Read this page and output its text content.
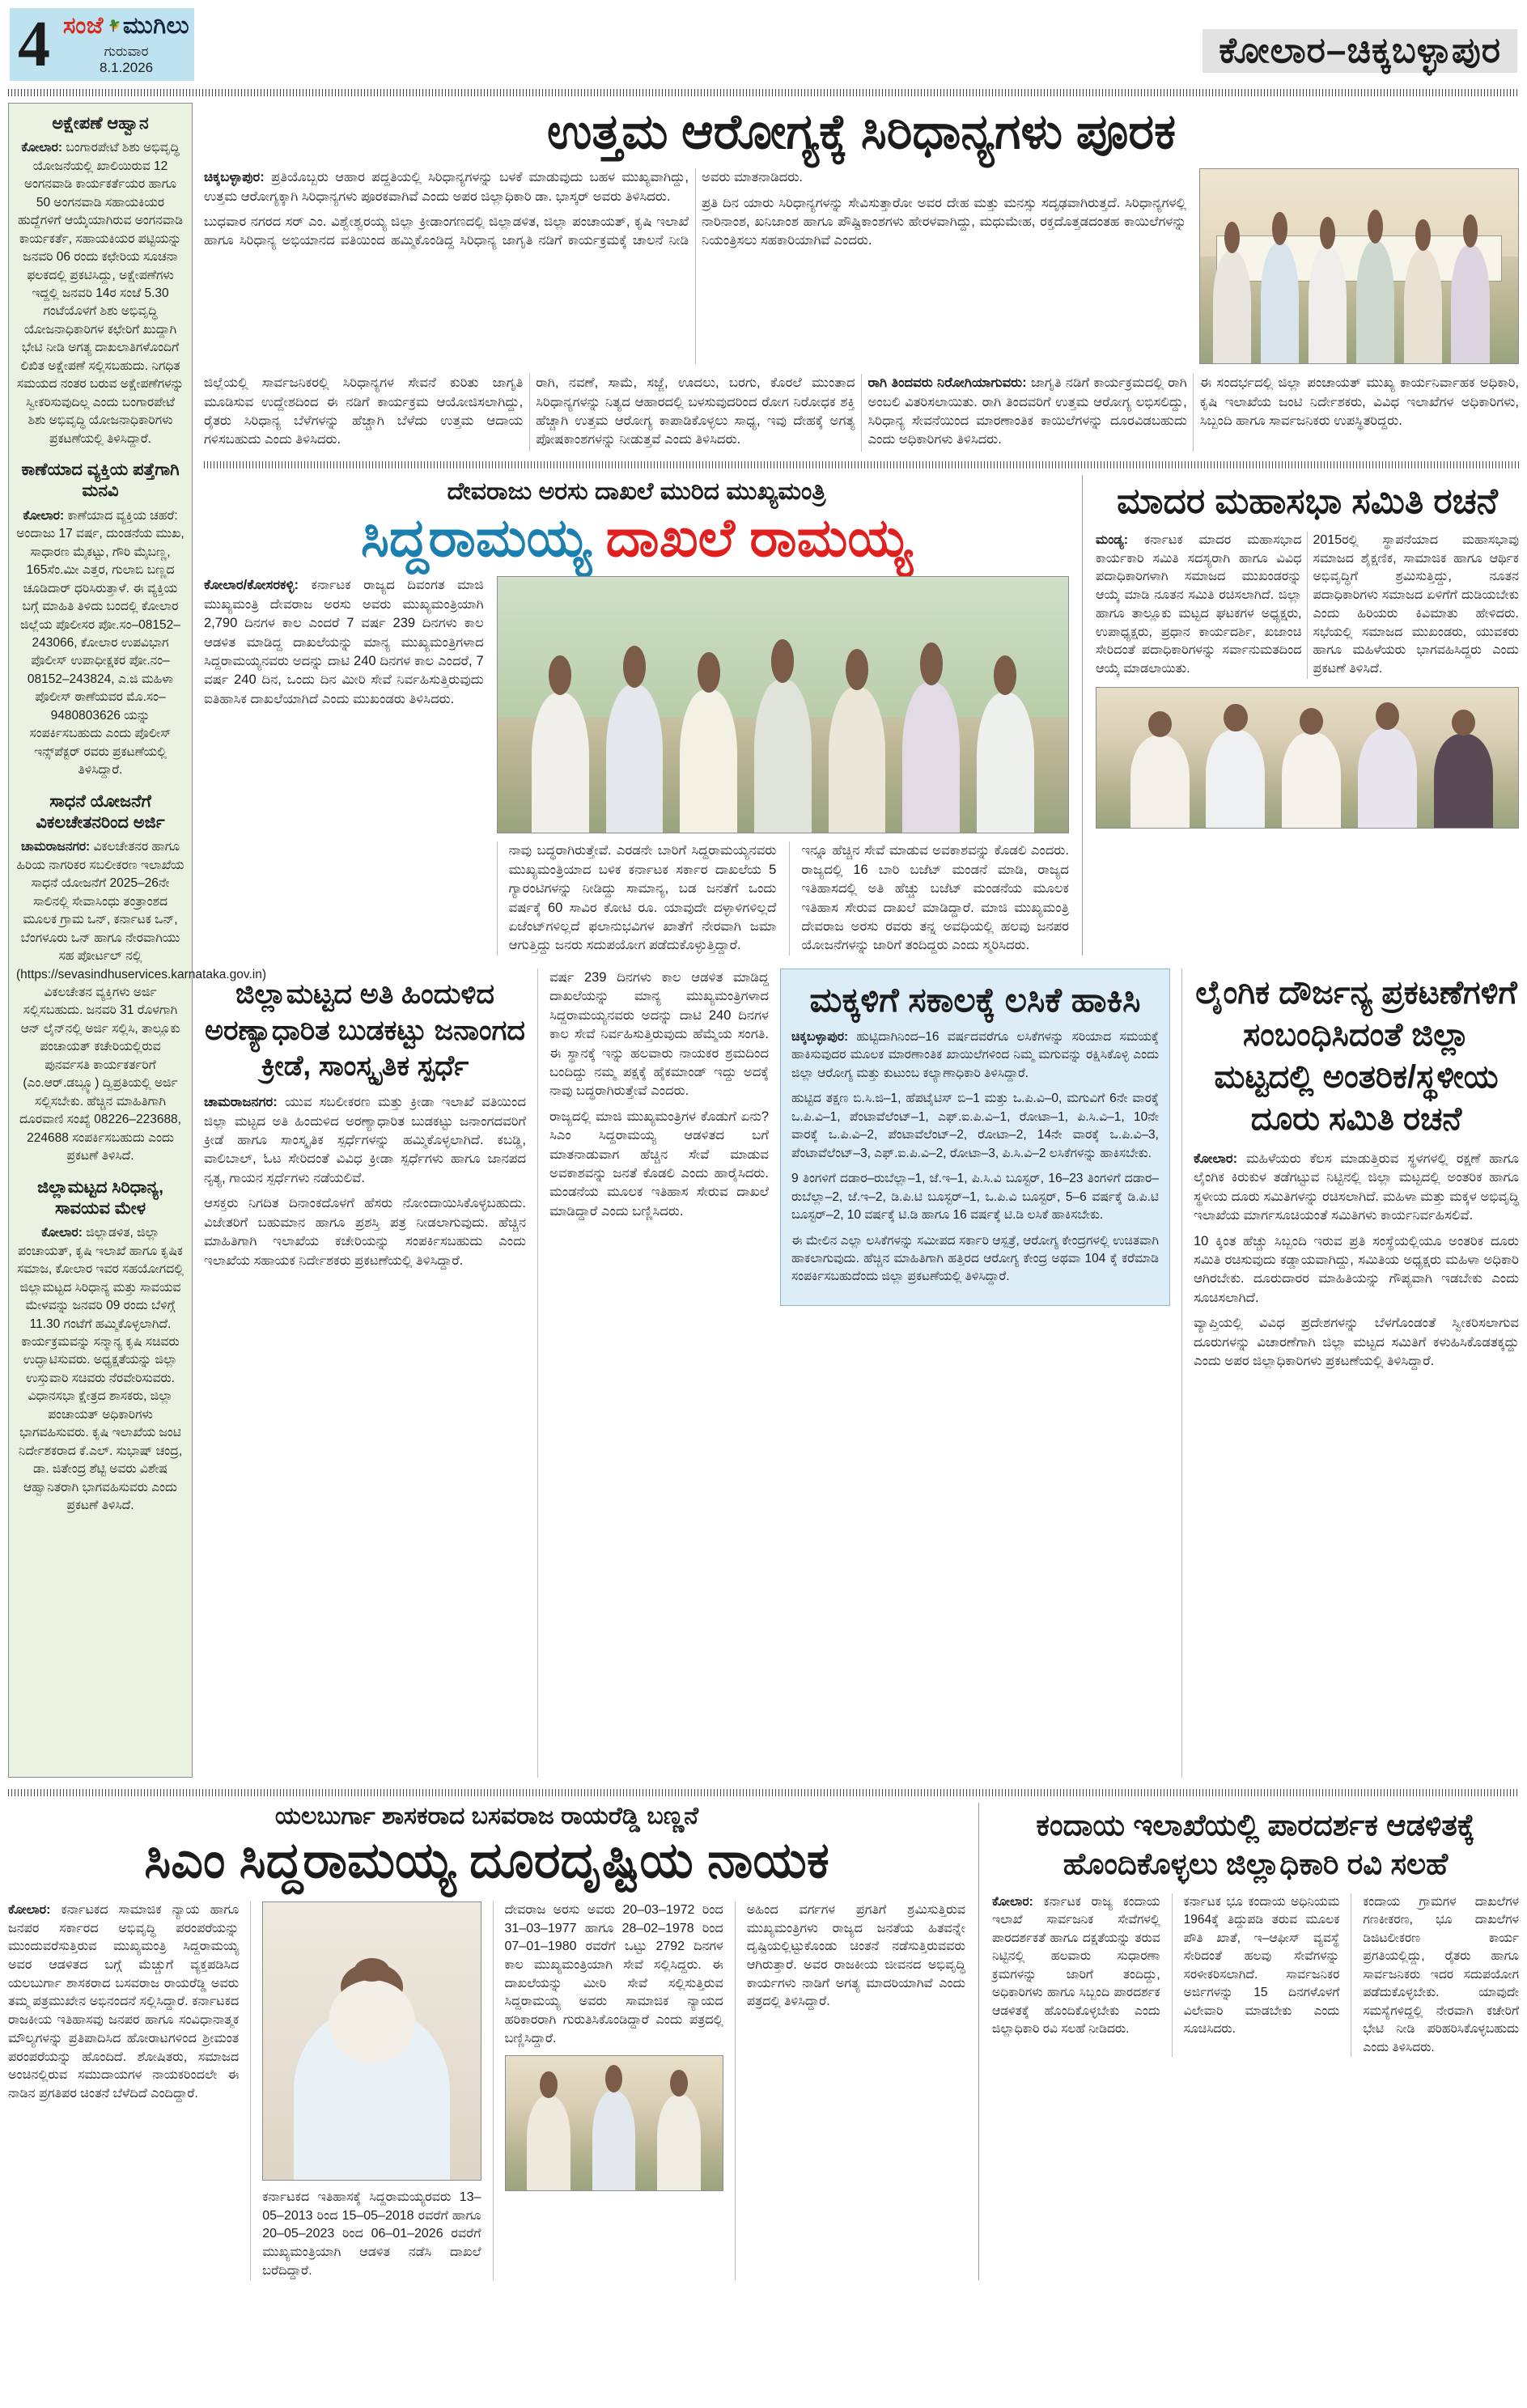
4 ಸಂಜೆ ಮುಗಿಲು
ಗುರುವಾರ
8.1.2026	ಕೋಲಾರ–ಚಿಕ್ಕಬಳ್ಳಾಪುರ
ಅಕ್ಷೇಪಣೆ ಆಹ್ವಾನ
ಕೋಲಾರ: ಬಂಗಾರಪೇಟೆ ಶಿಶು ಅಭಿವೃದ್ಧಿ ಯೋಜನೆಯಲ್ಲಿ ಖಾಲಿಯಿರುವ 12 ಅಂಗನವಾಡಿ ಕಾರ್ಯಕರ್ತೆಯರ ಹಾಗೂ 50 ಅಂಗನವಾಡಿ ಸಹಾಯಕಿಯರ ಹುದ್ದೆಗಳಿಗೆ ಆಯ್ಕೆಯಾಗಿರುವ ಅಂಗನವಾಡಿ ಕಾರ್ಯಕರ್ತೆ, ಸಹಾಯಕಿಯರ ಪಟ್ಟಿಯನ್ನು ಜನವರಿ 06 ರಂದು ಕಛೇರಿಯ ಸೂಚನಾ ಫಲಕದಲ್ಲಿ ಪ್ರಕಟಿಸಿದ್ದು, ಅಕ್ಷೇಪಣೆಗಳು ಇದ್ದಲ್ಲಿ ಜನವರಿ 14ರ ಸಂಜೆ 5.30 ಗಂಟೆಯೊಳಗೆ ಶಿಶು ಅಭಿವೃದ್ಧಿ ಯೋಜನಾಧಿಕಾರಿಗಳ ಕಛೇರಿಗೆ ಖುದ್ದಾಗಿ ಭೇಟಿ ನೀಡಿ ಅಗತ್ಯ ದಾಖಲಾತಿಗಳೊಂದಿಗೆ ಲಿಖಿತ ಅಕ್ಷೇಪಣೆ ಸಲ್ಲಿಸಬಹುದು. ನಿಗಧಿತ ಸಮಯದ ನಂತರ ಬರುವ ಅಕ್ಷೇಪಣೆಗಳನ್ನು ಸ್ವೀಕರಿಸುವುದಿಲ್ಲ ಎಂದು ಬಂಗಾರಪೇಟೆ ಶಿಶು ಅಭಿವೃದ್ಧಿ ಯೋಜನಾಧಿಕಾರಿಗಳು ಪ್ರಕಟಣೆಯಲ್ಲಿ ತಿಳಿಸಿದ್ದಾರೆ.
ಕಾಣೆಯಾದ ವ್ಯಕ್ತಿಯ ಪತ್ತೆಗಾಗಿ ಮನವಿ
ಕೋಲಾರ: ಕಾಣೆಯಾದ ವ್ಯಕ್ತಿಯ ಚಹರೆ: ಅಂದಾಜು 17 ವರ್ಷ, ದುಂಡನೆಯ ಮುಖ, ಸಾಧಾರಣ ಮೈಕಟ್ಟು, ಗೌರಿ ಮೈಬಣ್ಣ, 165ಸೆಂ.ಮೀ ಎತ್ತರ, ಗುಲಾಬಿ ಬಣ್ಣದ ಚೂಡಿದಾರ್ ಧರಿಸಿರುತ್ತಾಳೆ. ಈ ವ್ಯಕ್ತಿಯ ಬಗ್ಗೆ ಮಾಹಿತಿ ತಿಳಿದು ಬಂದಲ್ಲಿ ಕೋಲಾರ ಜಿಲ್ಲೆಯ ಪೊಲೀಸರ ಪೋ.ಸಂ–08152–243066, ಕೋಲಾರ ಉಪವಿಭಾಗ ಪೊಲೀಸ್ ಉಪಾಧೀಕ್ಷಕರ ಪೋ.ನಂ–08152–243824, ಎ.ಜಿ ಮಹಿಳಾ ಪೊಲೀಸ್ ಠಾಣೆಯವರ ಮೊ.ಸಂ–9480803626 ಯನ್ನು ಸಂಪರ್ಕಿಸಬಹುದು ಎಂದು ಪೊಲೀಸ್ ಇನ್ಸ್‌ಪೆಕ್ಟರ್ ರವರು ಪ್ರಕಟಣೆಯಲ್ಲಿ ತಿಳಿಸಿದ್ದಾರೆ.
ಸಾಧನೆ ಯೋಜನೆಗೆ ವಿಕಲಚೇತನರಿಂದ ಅರ್ಜಿ
ಚಾಮರಾಜನಗರ: ವಿಕಲಚೇತನರ ಹಾಗೂ ಹಿರಿಯ ನಾಗರಿಕರ ಸಬಲೀಕರಣ ಇಲಾಖೆಯ ಸಾಧನೆ ಯೋಜನೆಗೆ 2025–26ನೇ ಸಾಲಿನಲ್ಲಿ ಸೇವಾಸಿಂಧು ತಂತ್ರಾಂಶದ ಮೂಲಕ ಗ್ರಾಮ ಒನ್, ಕರ್ನಾಟಕ ಒನ್, ಬೆಂಗಳೂರು ಒನ್ ಹಾಗೂ ನೇರವಾಗಿಯು ಸಹ ಪೋರ್ಟಲ್ ನಲ್ಲಿ (https://sevasindhuservices.karnataka.gov.in) ವಿಕಲಚೇತನ ವ್ಯಕ್ತಿಗಳು ಅರ್ಜಿ ಸಲ್ಲಿಸಬಹುದು. ಜನವರಿ 31 ರೊಳಗಾಗಿ ಆನ್ ಲೈನ್‌ನಲ್ಲಿ ಅರ್ಜಿ ಸಲ್ಲಿಸಿ, ತಾಲ್ಲೂಕು ಪಂಚಾಯತ್ ಕಚೇರಿಯಲ್ಲಿರುವ ಪುನರ್ವಸತಿ ಕಾರ್ಯಕರ್ತರಿಗೆ (ಎಂ.ಆರ್.ಡಬ್ಲ್ಯೂ) ದ್ವಿಪ್ರತಿಯಲ್ಲಿ ಅರ್ಜಿ ಸಲ್ಲಿಸಬೇಕು. ಹೆಚ್ಚಿನ ಮಾಹಿತಿಗಾಗಿ ದೂರವಾಣಿ ಸಂಖ್ಯೆ 08226–223688, 224688 ಸಂಪರ್ಕಿಸಬಹುದು ಎಂದು ಪ್ರಕಟಣೆ ತಿಳಿಸಿದೆ.
ಜಿಲ್ಲಾಮಟ್ಟದ ಸಿರಿಧಾನ್ಯ, ಸಾವಯವ ಮೇಳ
ಕೋಲಾರ: ಜಿಲ್ಲಾಡಳಿತ, ಜಿಲ್ಲಾ ಪಂಚಾಯತ್, ಕೃಷಿ ಇಲಾಖೆ ಹಾಗೂ ಕೃಷಿಕ ಸಮಾಜ, ಕೋಲಾರ ಇವರ ಸಹಯೋಗದಲ್ಲಿ ಜಿಲ್ಲಾಮಟ್ಟದ ಸಿರಿಧಾನ್ಯ ಮತ್ತು ಸಾವಯವ ಮೇಳವನ್ನು ಜನವರಿ 09 ರಂದು ಬೆಳಿಗ್ಗೆ 11.30 ಗಂಟೆಗೆ ಹಮ್ಮಿಕೊಳ್ಳಲಾಗಿದೆ. ಕಾರ್ಯಕ್ರಮವನ್ನು ಸನ್ಮಾನ್ಯ ಕೃಷಿ ಸಚಿವರು ಉದ್ಘಾಟಿಸುವರು. ಅಧ್ಯಕ್ಷತೆಯನ್ನು ಜಿಲ್ಲಾ ಉಸ್ತುವಾರಿ ಸಚಿವರು ನೆರವೇರಿಸುವರು. ವಿಧಾನಸಭಾ ಕ್ಷೇತ್ರದ ಶಾಸಕರು, ಜಿಲ್ಲಾ ಪಂಚಾಯತ್ ಅಧಿಕಾರಿಗಳು ಭಾಗವಹಿಸುವರು. ಕೃಷಿ ಇಲಾಖೆಯ ಜಂಟಿ ನಿರ್ದೇಶಕರಾದ ಕೆ.ಎಲ್. ಸುಭಾಷ್ ಚಂದ್ರ, ಡಾ. ಜಿತೇಂದ್ರ ಶೆಟ್ಟಿ ಅವರು ವಿಶೇಷ ಆಹ್ವಾನಿತರಾಗಿ ಭಾಗವಹಿಸುವರು ಎಂದು ಪ್ರಕಟಣೆ ತಿಳಿಸಿದೆ.
ಉತ್ತಮ ಆರೋಗ್ಯಕ್ಕೆ ಸಿರಿಧಾನ್ಯಗಳು ಪೂರಕ

ಚಿಕ್ಕಬಳ್ಳಾಪುರ: ಪ್ರತಿಯೊಬ್ಬರು ಆಹಾರ ಪದ್ದತಿಯಲ್ಲಿ ಸಿರಿಧಾನ್ಯಗಳನ್ನು ಬಳಕೆ ಮಾಡುವುದು ಬಹಳ ಮುಖ್ಯವಾಗಿದ್ದು, ಉತ್ತಮ ಆರೋಗ್ಯಕ್ಕಾಗಿ ಸಿರಿಧಾನ್ಯಗಳು ಪೂರಕವಾಗಿವೆ ಎಂದು ಅಪರ ಜಿಲ್ಲಾಧಿಕಾರಿ ಡಾ. ಭಾಸ್ಕರ್ ಅವರು ತಿಳಿಸಿದರು.

ಬುಧವಾರ ನಗರದ ಸರ್ ಎಂ. ವಿಶ್ವೇಶ್ವರಯ್ಯ ಜಿಲ್ಲಾ ಕ್ರೀಡಾಂಗಣದಲ್ಲಿ ಜಿಲ್ಲಾಡಳಿತ, ಜಿಲ್ಲಾ ಪಂಚಾಯತ್, ಕೃಷಿ ಇಲಾಖೆ ಹಾಗೂ ಸಿರಿಧಾನ್ಯ ಅಭಿಯಾನದ ವತಿಯಿಂದ ಹಮ್ಮಿಕೊಂಡಿದ್ದ ಸಿರಿಧಾನ್ಯ ಜಾಗೃತಿ ನಡಿಗೆ ಕಾರ್ಯಕ್ರಮಕ್ಕೆ ಚಾಲನೆ ನೀಡಿ ಅವರು ಮಾತನಾಡಿದರು.

ಪ್ರತಿ ದಿನ ಯಾರು ಸಿರಿಧಾನ್ಯಗಳನ್ನು ಸೇವಿಸುತ್ತಾರೋ ಅವರ ದೇಹ ಮತ್ತು ಮನಸ್ಸು ಸದೃಢವಾಗಿರುತ್ತದೆ. ಸಿರಿಧಾನ್ಯಗಳಲ್ಲಿ ನಾರಿನಾಂಶ, ಖನಿಜಾಂಶ ಹಾಗೂ ಪೌಷ್ಟಿಕಾಂಶಗಳು ಹೇರಳವಾಗಿದ್ದು, ಮಧುಮೇಹ, ರಕ್ತದೊತ್ತಡದಂತಹ ಕಾಯಿಲೆಗಳನ್ನು ನಿಯಂತ್ರಿಸಲು ಸಹಕಾರಿಯಾಗಿವೆ ಎಂದರು.

ಜಿಲ್ಲೆಯಲ್ಲಿ ಸಾರ್ವಜನಿಕರಲ್ಲಿ ಸಿರಿಧಾನ್ಯಗಳ ಸೇವನೆ ಕುರಿತು ಜಾಗೃತಿ ಮೂಡಿಸುವ ಉದ್ದೇಶದಿಂದ ಈ ನಡಿಗೆ ಕಾರ್ಯಕ್ರಮ ಆಯೋಜಿಸಲಾಗಿದ್ದು, ರೈತರು ಸಿರಿಧಾನ್ಯ ಬೆಳೆಗಳನ್ನು ಹೆಚ್ಚಾಗಿ ಬೆಳೆದು ಉತ್ತಮ ಆದಾಯ ಗಳಿಸಬಹುದು ಎಂದು ತಿಳಿಸಿದರು.

ರಾಗಿ, ನವಣೆ, ಸಾಮೆ, ಸಜ್ಜೆ, ಊದಲು, ಬರಗು, ಕೊರಲೆ ಮುಂತಾದ ಸಿರಿಧಾನ್ಯಗಳನ್ನು ನಿತ್ಯದ ಆಹಾರದಲ್ಲಿ ಬಳಸುವುದರಿಂದ ರೋಗ ನಿರೋಧಕ ಶಕ್ತಿ ಹೆಚ್ಚಾಗಿ ಉತ್ತಮ ಆರೋಗ್ಯ ಕಾಪಾಡಿಕೊಳ್ಳಲು ಸಾಧ್ಯ, ಇವು ದೇಹಕ್ಕೆ ಅಗತ್ಯ ಪೋಷಕಾಂಶಗಳನ್ನು ನೀಡುತ್ತವೆ ಎಂದು ತಿಳಿಸಿದರು.

ರಾಗಿ ತಿಂದವರು ನಿರೋಗಿಯಾಗುವರು: ಜಾಗೃತಿ ನಡಿಗೆ ಕಾರ್ಯಕ್ರಮದಲ್ಲಿ ರಾಗಿ ಅಂಬಲಿ ವಿತರಿಸಲಾಯಿತು. ರಾಗಿ ತಿಂದವರಿಗೆ ಉತ್ತಮ ಆರೋಗ್ಯ ಲಭಿಸಲಿದ್ದು, ಸಿರಿಧಾನ್ಯ ಸೇವನೆಯಿಂದ ಮಾರಣಾಂತಿಕ ಕಾಯಿಲೆಗಳನ್ನು ದೂರವಿಡಬಹುದು ಎಂದು ಅಧಿಕಾರಿಗಳು ತಿಳಿಸಿದರು.

ಈ ಸಂದರ್ಭದಲ್ಲಿ ಜಿಲ್ಲಾ ಪಂಚಾಯತ್ ಮುಖ್ಯ ಕಾರ್ಯನಿರ್ವಾಹಕ ಅಧಿಕಾರಿ, ಕೃಷಿ ಇಲಾಖೆಯ ಜಂಟಿ ನಿರ್ದೇಶಕರು, ವಿವಿಧ ಇಲಾಖೆಗಳ ಅಧಿಕಾರಿಗಳು, ಸಿಬ್ಬಂದಿ ಹಾಗೂ ಸಾರ್ವಜನಿಕರು ಉಪಸ್ಥಿತರಿದ್ದರು.

ದೇವರಾಜು ಅರಸು ದಾಖಲೆ ಮುರಿದ ಮುಖ್ಯಮಂತ್ರಿ
ಸಿದ್ದರಾಮಯ್ಯ ದಾಖಲೆ ರಾಮಯ್ಯ

ಕೋಲಾರ/ಕೋಸರಕಳ್ಳಿ: ಕರ್ನಾಟಕ ರಾಜ್ಯದ ದಿವಂಗತ ಮಾಜಿ ಮುಖ್ಯಮಂತ್ರಿ ದೇವರಾಜ ಅರಸು ಅವರು ಮುಖ್ಯಮಂತ್ರಿಯಾಗಿ 2,790 ದಿನಗಳ ಕಾಲ ಎಂದರೆ 7 ವರ್ಷ 239 ದಿನಗಳು ಕಾಲ ಆಡಳಿತ ಮಾಡಿದ್ದ ದಾಖಲೆಯನ್ನು ಮಾನ್ಯ ಮುಖ್ಯಮಂತ್ರಿಗಳಾದ ಸಿದ್ದರಾಮಯ್ಯನವರು ಅದನ್ನು ದಾಟಿ 240 ದಿನಗಳ ಕಾಲ ಎಂದರೆ, 7 ವರ್ಷ 240 ದಿನ, ಒಂದು ದಿನ ಮೀರಿ ಸೇವೆ ನಿರ್ವಹಿಸುತ್ತಿರುವುದು ಐತಿಹಾಸಿಕ ದಾಖಲೆಯಾಗಿದೆ ಎಂದು ಮುಖಂಡರು ತಿಳಿಸಿದರು.

ನಾವು ಬದ್ಧರಾಗಿರುತ್ತೇವೆ. ಎರಡನೇ ಬಾರಿಗೆ ಸಿದ್ದರಾಮಯ್ಯನವರು ಮುಖ್ಯಮಂತ್ರಿಯಾದ ಬಳಿಕ ಕರ್ನಾಟಕ ಸರ್ಕಾರ ದಾಖಲೆಯ 5 ಗ್ಯಾರಂಟಿಗಳನ್ನು ನೀಡಿದ್ದು ಸಾಮಾನ್ಯ, ಬಡ ಜನತೆಗೆ ಒಂದು ವರ್ಷಕ್ಕೆ 60 ಸಾವಿರ ಕೋಟಿ ರೂ. ಯಾವುದೇ ದಳ್ಳಾಳಿಗಳಿಲ್ಲದೆ ಏಜೆಂಟ್‌ಗಳಿಲ್ಲದೆ ಫಲಾನುಭವಿಗಳ ಖಾತೆಗೆ ನೇರವಾಗಿ ಜಮಾ ಆಗುತ್ತಿದ್ದು ಜನರು ಸದುಪಯೋಗ ಪಡೆದುಕೊಳ್ಳುತ್ತಿದ್ದಾರೆ.

ಇನ್ನೂ ಹೆಚ್ಚಿನ ಸೇವೆ ಮಾಡುವ ಅವಕಾಶವನ್ನು ಕೊಡಲಿ ಎಂದರು. ರಾಜ್ಯದಲ್ಲಿ 16 ಬಾರಿ ಬಜೆಟ್ ಮಂಡನೆ ಮಾಡಿ, ರಾಜ್ಯದ ಇತಿಹಾಸದಲ್ಲಿ ಅತಿ ಹೆಚ್ಚು ಬಜೆಟ್ ಮಂಡನೆಯ ಮೂಲಕ ಇತಿಹಾಸ ಸೇರುವ ದಾಖಲೆ ಮಾಡಿದ್ದಾರೆ. ಮಾಜಿ ಮುಖ್ಯಮಂತ್ರಿ ದೇವರಾಜ ಅರಸು ರವರು ತನ್ನ ಅವಧಿಯಲ್ಲಿ ಹಲವು ಜನಪರ ಯೋಜನೆಗಳನ್ನು ಜಾರಿಗೆ ತಂದಿದ್ದರು ಎಂದು ಸ್ಮರಿಸಿದರು.

ಮಾದರ ಮಹಾಸಭಾ ಸಮಿತಿ ರಚನೆ

ಮಂಡ್ಯ: ಕರ್ನಾಟಕ ಮಾದರ ಮಹಾಸಭಾದ ಕಾರ್ಯಕಾರಿ ಸಮಿತಿ ಸದಸ್ಯರಾಗಿ ಹಾಗೂ ವಿವಿಧ ಪದಾಧಿಕಾರಿಗಳಾಗಿ ಸಮಾಜದ ಮುಖಂಡರನ್ನು ಆಯ್ಕೆ ಮಾಡಿ ನೂತನ ಸಮಿತಿ ರಚಿಸಲಾಗಿದೆ. ಜಿಲ್ಲಾ ಹಾಗೂ ತಾಲ್ಲೂಕು ಮಟ್ಟದ ಘಟಕಗಳ ಅಧ್ಯಕ್ಷರು, ಉಪಾಧ್ಯಕ್ಷರು, ಪ್ರಧಾನ ಕಾರ್ಯದರ್ಶಿ, ಖಜಾಂಚಿ ಸೇರಿದಂತೆ ಪದಾಧಿಕಾರಿಗಳನ್ನು ಸರ್ವಾನುಮತದಿಂದ ಆಯ್ಕೆ ಮಾಡಲಾಯಿತು.

2015ರಲ್ಲಿ ಸ್ಥಾಪನೆಯಾದ ಮಹಾಸಭಾವು ಸಮಾಜದ ಶೈಕ್ಷಣಿಕ, ಸಾಮಾಜಿಕ ಹಾಗೂ ಆರ್ಥಿಕ ಅಭಿವೃದ್ಧಿಗೆ ಶ್ರಮಿಸುತ್ತಿದ್ದು, ನೂತನ ಪದಾಧಿಕಾರಿಗಳು ಸಮಾಜದ ಏಳಿಗೆಗೆ ದುಡಿಯಬೇಕು ಎಂದು ಹಿರಿಯರು ಕಿವಿಮಾತು ಹೇಳಿದರು. ಸಭೆಯಲ್ಲಿ ಸಮಾಜದ ಮುಖಂಡರು, ಯುವಕರು ಹಾಗೂ ಮಹಿಳೆಯರು ಭಾಗವಹಿಸಿದ್ದರು ಎಂದು ಪ್ರಕಟಣೆ ತಿಳಿಸಿದೆ.

ಜಿಲ್ಲಾಮಟ್ಟದ ಅತಿ ಹಿಂದುಳಿದ ಅರಣ್ಯಾಧಾರಿತ ಬುಡಕಟ್ಟು ಜನಾಂಗದ ಕ್ರೀಡೆ, ಸಾಂಸ್ಕೃತಿಕ ಸ್ಪರ್ಧೆ

ಚಾಮರಾಜನಗರ: ಯುವ ಸಬಲೀಕರಣ ಮತ್ತು ಕ್ರೀಡಾ ಇಲಾಖೆ ವತಿಯಿಂದ ಜಿಲ್ಲಾ ಮಟ್ಟದ ಅತಿ ಹಿಂದುಳಿದ ಅರಣ್ಯಾಧಾರಿತ ಬುಡಕಟ್ಟು ಜನಾಂಗದವರಿಗೆ ಕ್ರೀಡೆ ಹಾಗೂ ಸಾಂಸ್ಕೃತಿಕ ಸ್ಪರ್ಧೆಗಳನ್ನು ಹಮ್ಮಿಕೊಳ್ಳಲಾಗಿದೆ. ಕಬಡ್ಡಿ, ವಾಲಿಬಾಲ್, ಓಟ ಸೇರಿದಂತೆ ವಿವಿಧ ಕ್ರೀಡಾ ಸ್ಪರ್ಧೆಗಳು ಹಾಗೂ ಜಾನಪದ ನೃತ್ಯ, ಗಾಯನ ಸ್ಪರ್ಧೆಗಳು ನಡೆಯಲಿವೆ.

ಆಸಕ್ತರು ನಿಗದಿತ ದಿನಾಂಕದೊಳಗೆ ಹೆಸರು ನೋಂದಾಯಿಸಿಕೊಳ್ಳಬಹುದು. ವಿಜೇತರಿಗೆ ಬಹುಮಾನ ಹಾಗೂ ಪ್ರಶಸ್ತಿ ಪತ್ರ ನೀಡಲಾಗುವುದು. ಹೆಚ್ಚಿನ ಮಾಹಿತಿಗಾಗಿ ಇಲಾಖೆಯ ಕಚೇರಿಯನ್ನು ಸಂಪರ್ಕಿಸಬಹುದು ಎಂದು ಇಲಾಖೆಯ ಸಹಾಯಕ ನಿರ್ದೇಶಕರು ಪ್ರಕಟಣೆಯಲ್ಲಿ ತಿಳಿಸಿದ್ದಾರೆ.

ವರ್ಷ 239 ದಿನಗಳು ಕಾಲ ಆಡಳಿತ ಮಾಡಿದ್ದ ದಾಖಲೆಯನ್ನು ಮಾನ್ಯ ಮುಖ್ಯಮಂತ್ರಿಗಳಾದ ಸಿದ್ದರಾಮಯ್ಯನವರು ಅದನ್ನು ದಾಟಿ 240 ದಿನಗಳ ಕಾಲ ಸೇವೆ ನಿರ್ವಹಿಸುತ್ತಿರುವುದು ಹೆಮ್ಮೆಯ ಸಂಗತಿ. ಈ ಸ್ಥಾನಕ್ಕೆ ಇನ್ನು ಹಲವಾರು ನಾಯಕರ ಶ್ರಮದಿಂದ ಬಂದಿದ್ದು ನಮ್ಮ ಪಕ್ಷಕ್ಕೆ ಹೈಕಮಾಂಡ್ ಇದ್ದು ಅದಕ್ಕೆ ನಾವು ಬದ್ಧರಾಗಿರುತ್ತೇವೆ ಎಂದರು.

ರಾಜ್ಯದಲ್ಲಿ ಮಾಜಿ ಮುಖ್ಯಮಂತ್ರಿಗಳ ಕೊಡುಗೆ ಏನು? ಸಿಎಂ ಸಿದ್ದರಾಮಯ್ಯ ಆಡಳಿತದ ಬಗೆ ಮಾತನಾಡುವಾಗ ಹೆಚ್ಚಿನ ಸೇವೆ ಮಾಡುವ ಅವಕಾಶವನ್ನು ಜನತೆ ಕೊಡಲಿ ಎಂದು ಹಾರೈಸಿದರು. ಮಂಡನೆಯ ಮೂಲಕ ಇತಿಹಾಸ ಸೇರುವ ದಾಖಲೆ ಮಾಡಿದ್ದಾರೆ ಎಂದು ಬಣ್ಣಿಸಿದರು.

ಮಕ್ಕಳಿಗೆ ಸಕಾಲಕ್ಕೆ ಲಸಿಕೆ ಹಾಕಿಸಿ

ಚಿಕ್ಕಬಳ್ಳಾಪುರ: ಹುಟ್ಟಿದಾಗಿನಿಂದ–16 ವರ್ಷದವರೆಗೂ ಲಸಿಕೆಗಳನ್ನು ಸರಿಯಾದ ಸಮಯಕ್ಕೆ ಹಾಕಿಸುವುದರ ಮೂಲಕ ಮಾರಣಾಂತಿಕ ಖಾಯಿಲೆಗಳಿಂದ ನಿಮ್ಮ ಮಗುವನ್ನು ರಕ್ಷಿಸಿಕೊಳ್ಳಿ ಎಂದು ಜಿಲ್ಲಾ ಆರೋಗ್ಯ ಮತ್ತು ಕುಟುಂಬ ಕಲ್ಯಾಣಾಧಿಕಾರಿ ತಿಳಿಸಿದ್ದಾರೆ.

ಹುಟ್ಟಿದ ತಕ್ಷಣ ಬಿ.ಸಿ.ಜಿ–1, ಹೆಪಟೈಟಿಸ್ ಬಿ–1 ಮತ್ತು ಒ.ಪಿ.ವಿ–0, ಮಗುವಿಗೆ 6ನೇ ವಾರಕ್ಕೆ ಒ.ಪಿ.ವಿ–1, ಪೆಂಟಾವೆಲೆಂಟ್–1, ಎಫ್.ಐ.ಪಿ.ವಿ–1, ರೋಟಾ–1, ಪಿ.ಸಿ.ವಿ–1, 10ನೇ ವಾರಕ್ಕೆ ಒ.ಪಿ.ವಿ–2, ಪೆಂಟಾವೆಲೆಂಟ್–2, ರೋಟಾ–2, 14ನೇ ವಾರಕ್ಕೆ ಒ.ಪಿ.ವಿ–3, ಪೆಂಟಾವೆಲೆಂಟ್–3, ಎಫ್.ಐ.ಪಿ.ವಿ–2, ರೋಟಾ–3, ಪಿ.ಸಿ.ವಿ–2 ಲಸಿಕೆಗಳನ್ನು ಹಾಕಿಸಬೇಕು.

9 ತಿಂಗಳಿಗೆ ದಡಾರ–ರುಬೆಲ್ಲಾ–1, ಜೆ.ಇ–1, ಪಿ.ಸಿ.ವಿ ಬೂಸ್ಟರ್, 16–23 ತಿಂಗಳಿಗೆ ದಡಾರ–ರುಬೆಲ್ಲಾ–2, ಜೆ.ಇ–2, ಡಿ.ಪಿ.ಟಿ ಬೂಸ್ಟರ್–1, ಒ.ಪಿ.ವಿ ಬೂಸ್ಟರ್, 5–6 ವರ್ಷಕ್ಕೆ ಡಿ.ಪಿ.ಟಿ ಬೂಸ್ಟರ್–2, 10 ವರ್ಷಕ್ಕೆ ಟಿ.ಡಿ ಹಾಗೂ 16 ವರ್ಷಕ್ಕೆ ಟಿ.ಡಿ ಲಸಿಕೆ ಹಾಕಿಸಬೇಕು.

ಈ ಮೇಲಿನ ಎಲ್ಲಾ ಲಸಿಕೆಗಳನ್ನು ಸಮೀಪದ ಸರ್ಕಾರಿ ಆಸ್ಪತ್ರೆ, ಆರೋಗ್ಯ ಕೇಂದ್ರಗಳಲ್ಲಿ ಉಚಿತವಾಗಿ ಹಾಕಲಾಗುವುದು. ಹೆಚ್ಚಿನ ಮಾಹಿತಿಗಾಗಿ ಹತ್ತಿರದ ಆರೋಗ್ಯ ಕೇಂದ್ರ ಅಥವಾ 104 ಕ್ಕೆ ಕರೆಮಾಡಿ ಸಂಪರ್ಕಿಸಬಹುದೆಂದು ಜಿಲ್ಲಾ ಪ್ರಕಟಣೆಯಲ್ಲಿ ತಿಳಿಸಿದ್ದಾರೆ.

ಲೈಂಗಿಕ ದೌರ್ಜನ್ಯ ಪ್ರಕಟಣೆಗಳಿಗೆ ಸಂಬಂಧಿಸಿದಂತೆ ಜಿಲ್ಲಾ ಮಟ್ಟದಲ್ಲಿ ಅಂತರಿಕ/ಸ್ಥಳೀಯ ದೂರು ಸಮಿತಿ ರಚನೆ

ಕೋಲಾರ: ಮಹಿಳೆಯರು ಕೆಲಸ ಮಾಡುತ್ತಿರುವ ಸ್ಥಳಗಳಲ್ಲಿ ರಕ್ಷಣೆ ಹಾಗೂ ಲೈಂಗಿಕ ಕಿರುಕುಳ ತಡೆಗಟ್ಟುವ ನಿಟ್ಟಿನಲ್ಲಿ ಜಿಲ್ಲಾ ಮಟ್ಟದಲ್ಲಿ ಅಂತರಿಕ ಹಾಗೂ ಸ್ಥಳೀಯ ದೂರು ಸಮಿತಿಗಳನ್ನು ರಚಿಸಲಾಗಿದೆ. ಮಹಿಳಾ ಮತ್ತು ಮಕ್ಕಳ ಅಭಿವೃದ್ಧಿ ಇಲಾಖೆಯ ಮಾರ್ಗಸೂಚಿಯಂತೆ ಸಮಿತಿಗಳು ಕಾರ್ಯನಿರ್ವಹಿಸಲಿವೆ.

10 ಕ್ಕಿಂತ ಹೆಚ್ಚು ಸಿಬ್ಬಂದಿ ಇರುವ ಪ್ರತಿ ಸಂಸ್ಥೆಯಲ್ಲಿಯೂ ಅಂತರಿಕ ದೂರು ಸಮಿತಿ ರಚಿಸುವುದು ಕಡ್ಡಾಯವಾಗಿದ್ದು, ಸಮಿತಿಯ ಅಧ್ಯಕ್ಷರು ಮಹಿಳಾ ಅಧಿಕಾರಿ ಆಗಿರಬೇಕು. ದೂರುದಾರರ ಮಾಹಿತಿಯನ್ನು ಗೌಪ್ಯವಾಗಿ ಇಡಬೇಕು ಎಂದು ಸೂಚಿಸಲಾಗಿದೆ.

ವ್ಯಾಪ್ತಿಯಲ್ಲಿ ವಿವಿಧ ಪ್ರದೇಶಗಳನ್ನು ಬೆಳಗೊಂಡಂತೆ ಸ್ವೀಕರಿಸಲಾಗುವ ದೂರುಗಳನ್ನು ವಿಚಾರಣೆಗಾಗಿ ಜಿಲ್ಲಾ ಮಟ್ಟದ ಸಮಿತಿಗೆ ಕಳುಹಿಸಿಕೊಡತಕ್ಕದ್ದು ಎಂದು ಅಪರ ಜಿಲ್ಲಾಧಿಕಾರಿಗಳು ಪ್ರಕಟಣೆಯಲ್ಲಿ ತಿಳಿಸಿದ್ದಾರೆ.

ಯಲಬುರ್ಗಾ ಶಾಸಕರಾದ ಬಸವರಾಜ ರಾಯರೆಡ್ಡಿ ಬಣ್ಣನೆ
ಸಿಎಂ ಸಿದ್ದರಾಮಯ್ಯ ದೂರದೃಷ್ಟಿಯ ನಾಯಕ

ಕೋಲಾರ: ಕರ್ನಾಟಕದ ಸಾಮಾಜಿಕ ನ್ಯಾಯ ಹಾಗೂ ಜನಪರ ಸರ್ಕಾರದ ಅಭಿವೃದ್ಧಿ ಪರಂಪರೆಯನ್ನು ಮುಂದುವರೆಸುತ್ತಿರುವ ಮುಖ್ಯಮಂತ್ರಿ ಸಿದ್ದರಾಮಯ್ಯ ಅವರ ಆಡಳಿತದ ಬಗ್ಗೆ ಮೆಚ್ಚುಗೆ ವ್ಯಕ್ತಪಡಿಸಿದ ಯಲಬುರ್ಗಾ ಶಾಸಕರಾದ ಬಸವರಾಜ ರಾಯರೆಡ್ಡಿ ಅವರು ತಮ್ಮ ಪತ್ರಮುಖೇನ ಅಭಿನಂದನೆ ಸಲ್ಲಿಸಿದ್ದಾರೆ. ಕರ್ನಾಟಕದ ರಾಜಕೀಯ ಇತಿಹಾಸವು ಜನಪರ ಹಾಗೂ ಸಂವಿಧಾನಾತ್ಮಕ ಮೌಲ್ಯಗಳನ್ನು ಪ್ರತಿಪಾದಿಸಿದ ಹೋರಾಟಗಳಿಂದ ಶ್ರೀಮಂತ ಪರಂಪರೆಯನ್ನು ಹೊಂದಿದೆ. ಶೋಷಿತರು, ಸಮಾಜದ ಅಂಚಿನಲ್ಲಿರುವ ಸಮುದಾಯಗಳ ನಾಯಕರಿಂದಲೇ ಈ ನಾಡಿನ ಪ್ರಗತಿಪರ ಚಿಂತನೆ ಬೆಳೆದಿದೆ ಎಂದಿದ್ದಾರೆ.

ಕರ್ನಾಟಕದ ಇತಿಹಾಸಕ್ಕೆ ಸಿದ್ದರಾಮಯ್ಯರವರು 13–05–2013 ರಿಂದ 15–05–2018 ರವರೆಗೆ ಹಾಗೂ 20–05–2023 ರಿಂದ 06–01–2026 ರವರೆಗೆ ಮುಖ್ಯಮಂತ್ರಿಯಾಗಿ ಆಡಳಿತ ನಡೆಸಿ ದಾಖಲೆ ಬರೆದಿದ್ದಾರೆ.

ದೇವರಾಜ ಅರಸು ಅವರು 20–03–1972 ರಿಂದ 31–03–1977 ಹಾಗೂ 28–02–1978 ರಿಂದ 07–01–1980 ರವರೆಗೆ ಒಟ್ಟು 2792 ದಿನಗಳ ಕಾಲ ಮುಖ್ಯಮಂತ್ರಿಯಾಗಿ ಸೇವೆ ಸಲ್ಲಿಸಿದ್ದರು. ಈ ದಾಖಲೆಯನ್ನು ಮೀರಿ ಸೇವೆ ಸಲ್ಲಿಸುತ್ತಿರುವ ಸಿದ್ದರಾಮಯ್ಯ ಅವರು ಸಾಮಾಜಿಕ ನ್ಯಾಯದ ಹರಿಕಾರರಾಗಿ ಗುರುತಿಸಿಕೊಂಡಿದ್ದಾರೆ ಎಂದು ಪತ್ರದಲ್ಲಿ ಬಣ್ಣಿಸಿದ್ದಾರೆ.

ಅಹಿಂದ ವರ್ಗಗಳ ಪ್ರಗತಿಗೆ ಶ್ರಮಿಸುತ್ತಿರುವ ಮುಖ್ಯಮಂತ್ರಿಗಳು ರಾಜ್ಯದ ಜನತೆಯ ಹಿತವನ್ನೇ ದೃಷ್ಟಿಯಲ್ಲಿಟ್ಟುಕೊಂಡು ಚಿಂತನೆ ನಡೆಸುತ್ತಿರುವವರು ಆಗಿರುತ್ತಾರೆ. ಅವರ ರಾಜಕೀಯ ಜೀವನದ ಅಭಿವೃದ್ಧಿ ಕಾರ್ಯಗಳು ನಾಡಿಗೆ ಅಗತ್ಯ ಮಾದರಿಯಾಗಿವೆ ಎಂದು ಪತ್ರದಲ್ಲಿ ತಿಳಿಸಿದ್ದಾರೆ.

ಕಂದಾಯ ಇಲಾಖೆಯಲ್ಲಿ ಪಾರದರ್ಶಕ ಆಡಳಿತಕ್ಕೆ ಹೊಂದಿಕೊಳ್ಳಲು ಜಿಲ್ಲಾಧಿಕಾರಿ ರವಿ ಸಲಹೆ

ಕೋಲಾರ: ಕರ್ನಾಟಕ ರಾಜ್ಯ ಕಂದಾಯ ಇಲಾಖೆ ಸಾರ್ವಜನಿಕ ಸೇವೆಗಳಲ್ಲಿ ಪಾರದರ್ಶಕತೆ ಹಾಗೂ ದಕ್ಷತೆಯನ್ನು ತರುವ ನಿಟ್ಟಿನಲ್ಲಿ ಹಲವಾರು ಸುಧಾರಣಾ ಕ್ರಮಗಳನ್ನು ಜಾರಿಗೆ ತಂದಿದ್ದು, ಅಧಿಕಾರಿಗಳು ಹಾಗೂ ಸಿಬ್ಬಂದಿ ಪಾರದರ್ಶಕ ಆಡಳಿತಕ್ಕೆ ಹೊಂದಿಕೊಳ್ಳಬೇಕು ಎಂದು ಜಿಲ್ಲಾಧಿಕಾರಿ ರವಿ ಸಲಹೆ ನೀಡಿದರು.

ಕರ್ನಾಟಕ ಭೂ ಕಂದಾಯ ಅಧಿನಿಯಮ 1964ಕ್ಕೆ ತಿದ್ದುಪಡಿ ತರುವ ಮೂಲಕ ಪೌತಿ ಖಾತೆ, ಇ–ಆಫೀಸ್ ವ್ಯವಸ್ಥೆ ಸೇರಿದಂತೆ ಹಲವು ಸೇವೆಗಳನ್ನು ಸರಳೀಕರಿಸಲಾಗಿದೆ. ಸಾರ್ವಜನಿಕರ ಅರ್ಜಿಗಳನ್ನು 15 ದಿನಗಳೊಳಗೆ ವಿಲೇವಾರಿ ಮಾ‍ಡಬೇಕು ಎಂದು ಸೂಚಿಸಿದರು.

ಕಂದಾಯ ಗ್ರಾಮಗಳ ದಾಖಲೆಗಳ ಗಣಕೀಕರಣ, ಭೂ ದಾಖಲೆಗಳ ಡಿಜಿಟಲೀಕರಣ ಕಾರ್ಯ ಪ್ರಗತಿಯಲ್ಲಿದ್ದು, ರೈತರು ಹಾಗೂ ಸಾರ್ವಜನಿಕರು ಇದರ ಸದುಪಯೋಗ ಪಡೆದುಕೊಳ್ಳಬೇಕು. ಯಾವುದೇ ಸಮಸ್ಯೆಗಳಿದ್ದಲ್ಲಿ ನೇರವಾಗಿ ಕಚೇರಿಗೆ ಭೇಟಿ ನೀಡಿ ಪರಿಹರಿಸಿಕೊಳ್ಳಬಹುದು ಎಂದು ತಿಳಿಸಿದರು.
